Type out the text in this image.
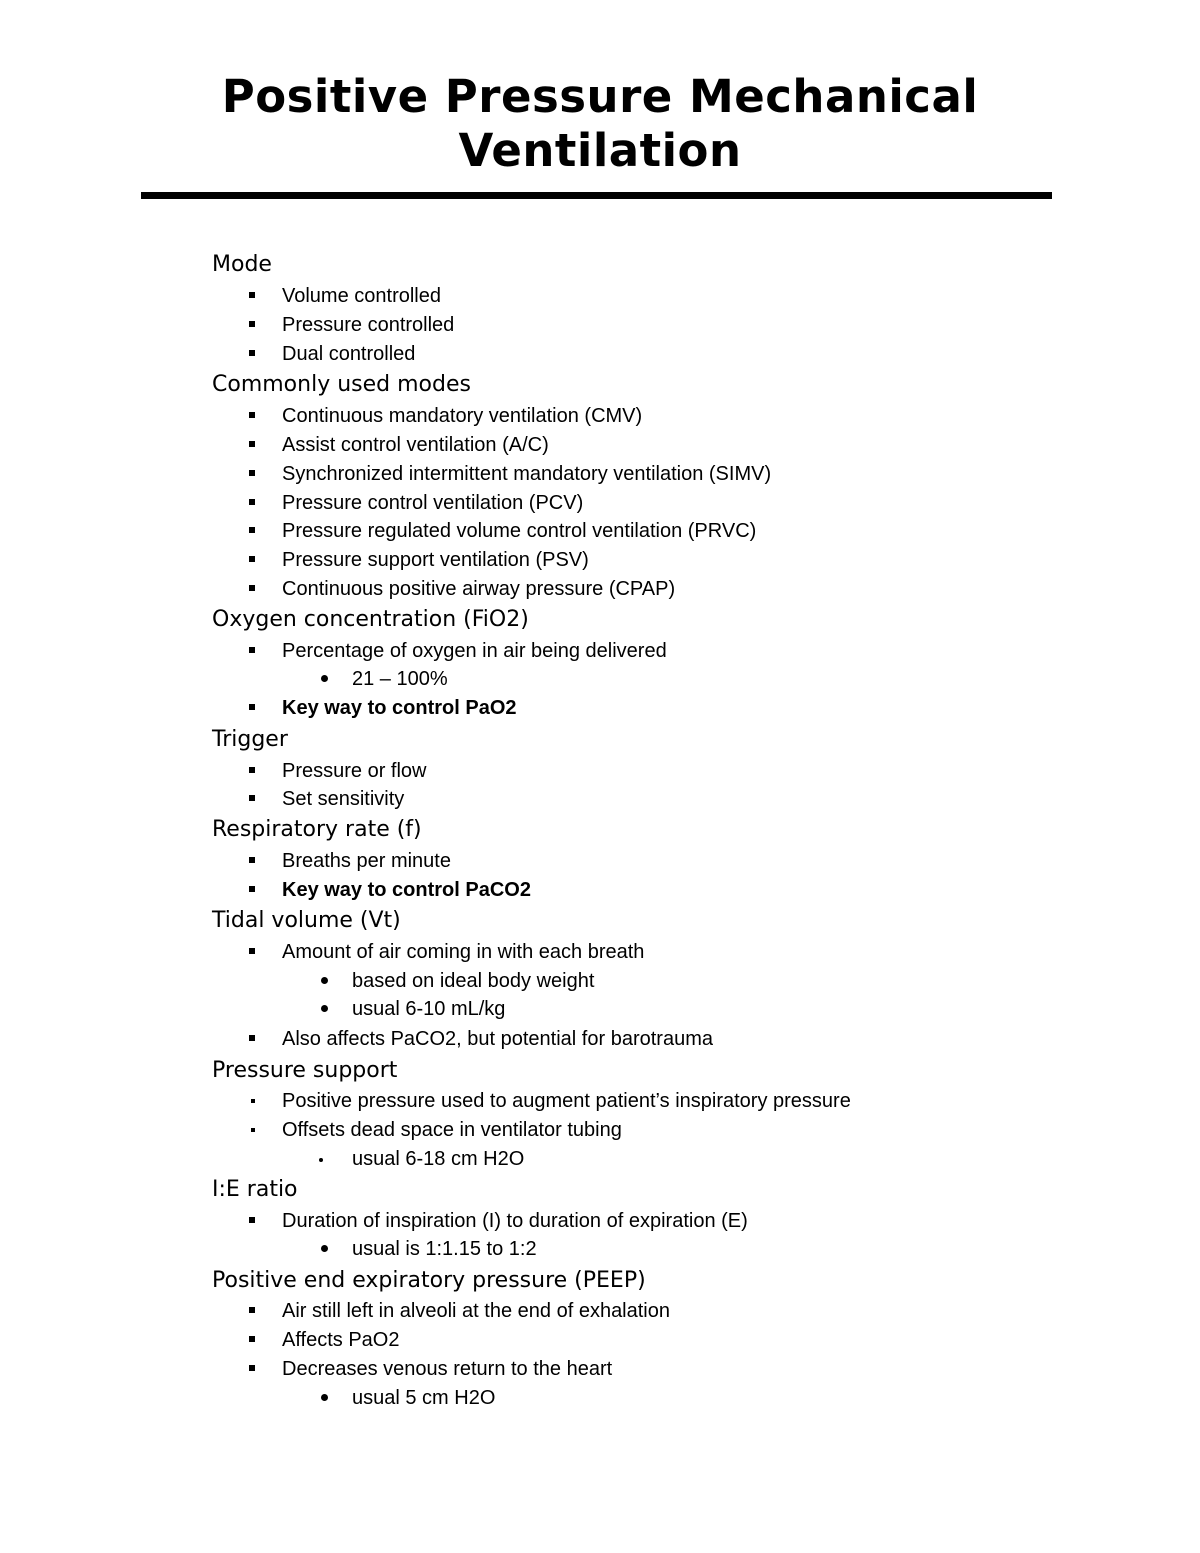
Positive Pressure Mechanical
Ventilation
Mode
Volume controlled
Pressure controlled
Dual controlled
Commonly used modes
Continuous mandatory ventilation (CMV)
Assist control ventilation (A/C)
Synchronized intermittent mandatory ventilation (SIMV)
Pressure control ventilation (PCV)
Pressure regulated volume control ventilation (PRVC)
Pressure support ventilation (PSV)
Continuous positive airway pressure (CPAP)
Oxygen concentration (FiO2)
Percentage of oxygen in air being delivered
21 – 100%
Key way to control PaO2
Trigger
Pressure or flow
Set sensitivity
Respiratory rate (f)
Breaths per minute
Key way to control PaCO2
Tidal volume (Vt)
Amount of air coming in with each breath
based on ideal body weight
usual 6-10 mL/kg
Also affects PaCO2, but potential for barotrauma
Pressure support
Positive pressure used to augment patient’s inspiratory pressure
Offsets dead space in ventilator tubing
usual 6-18 cm H2O
I:E ratio
Duration of inspiration (I) to duration of expiration (E)
usual is 1:1.15 to 1:2
Positive end expiratory pressure (PEEP)
Air still left in alveoli at the end of exhalation
Affects PaO2
Decreases venous return to the heart
usual 5 cm H2O
